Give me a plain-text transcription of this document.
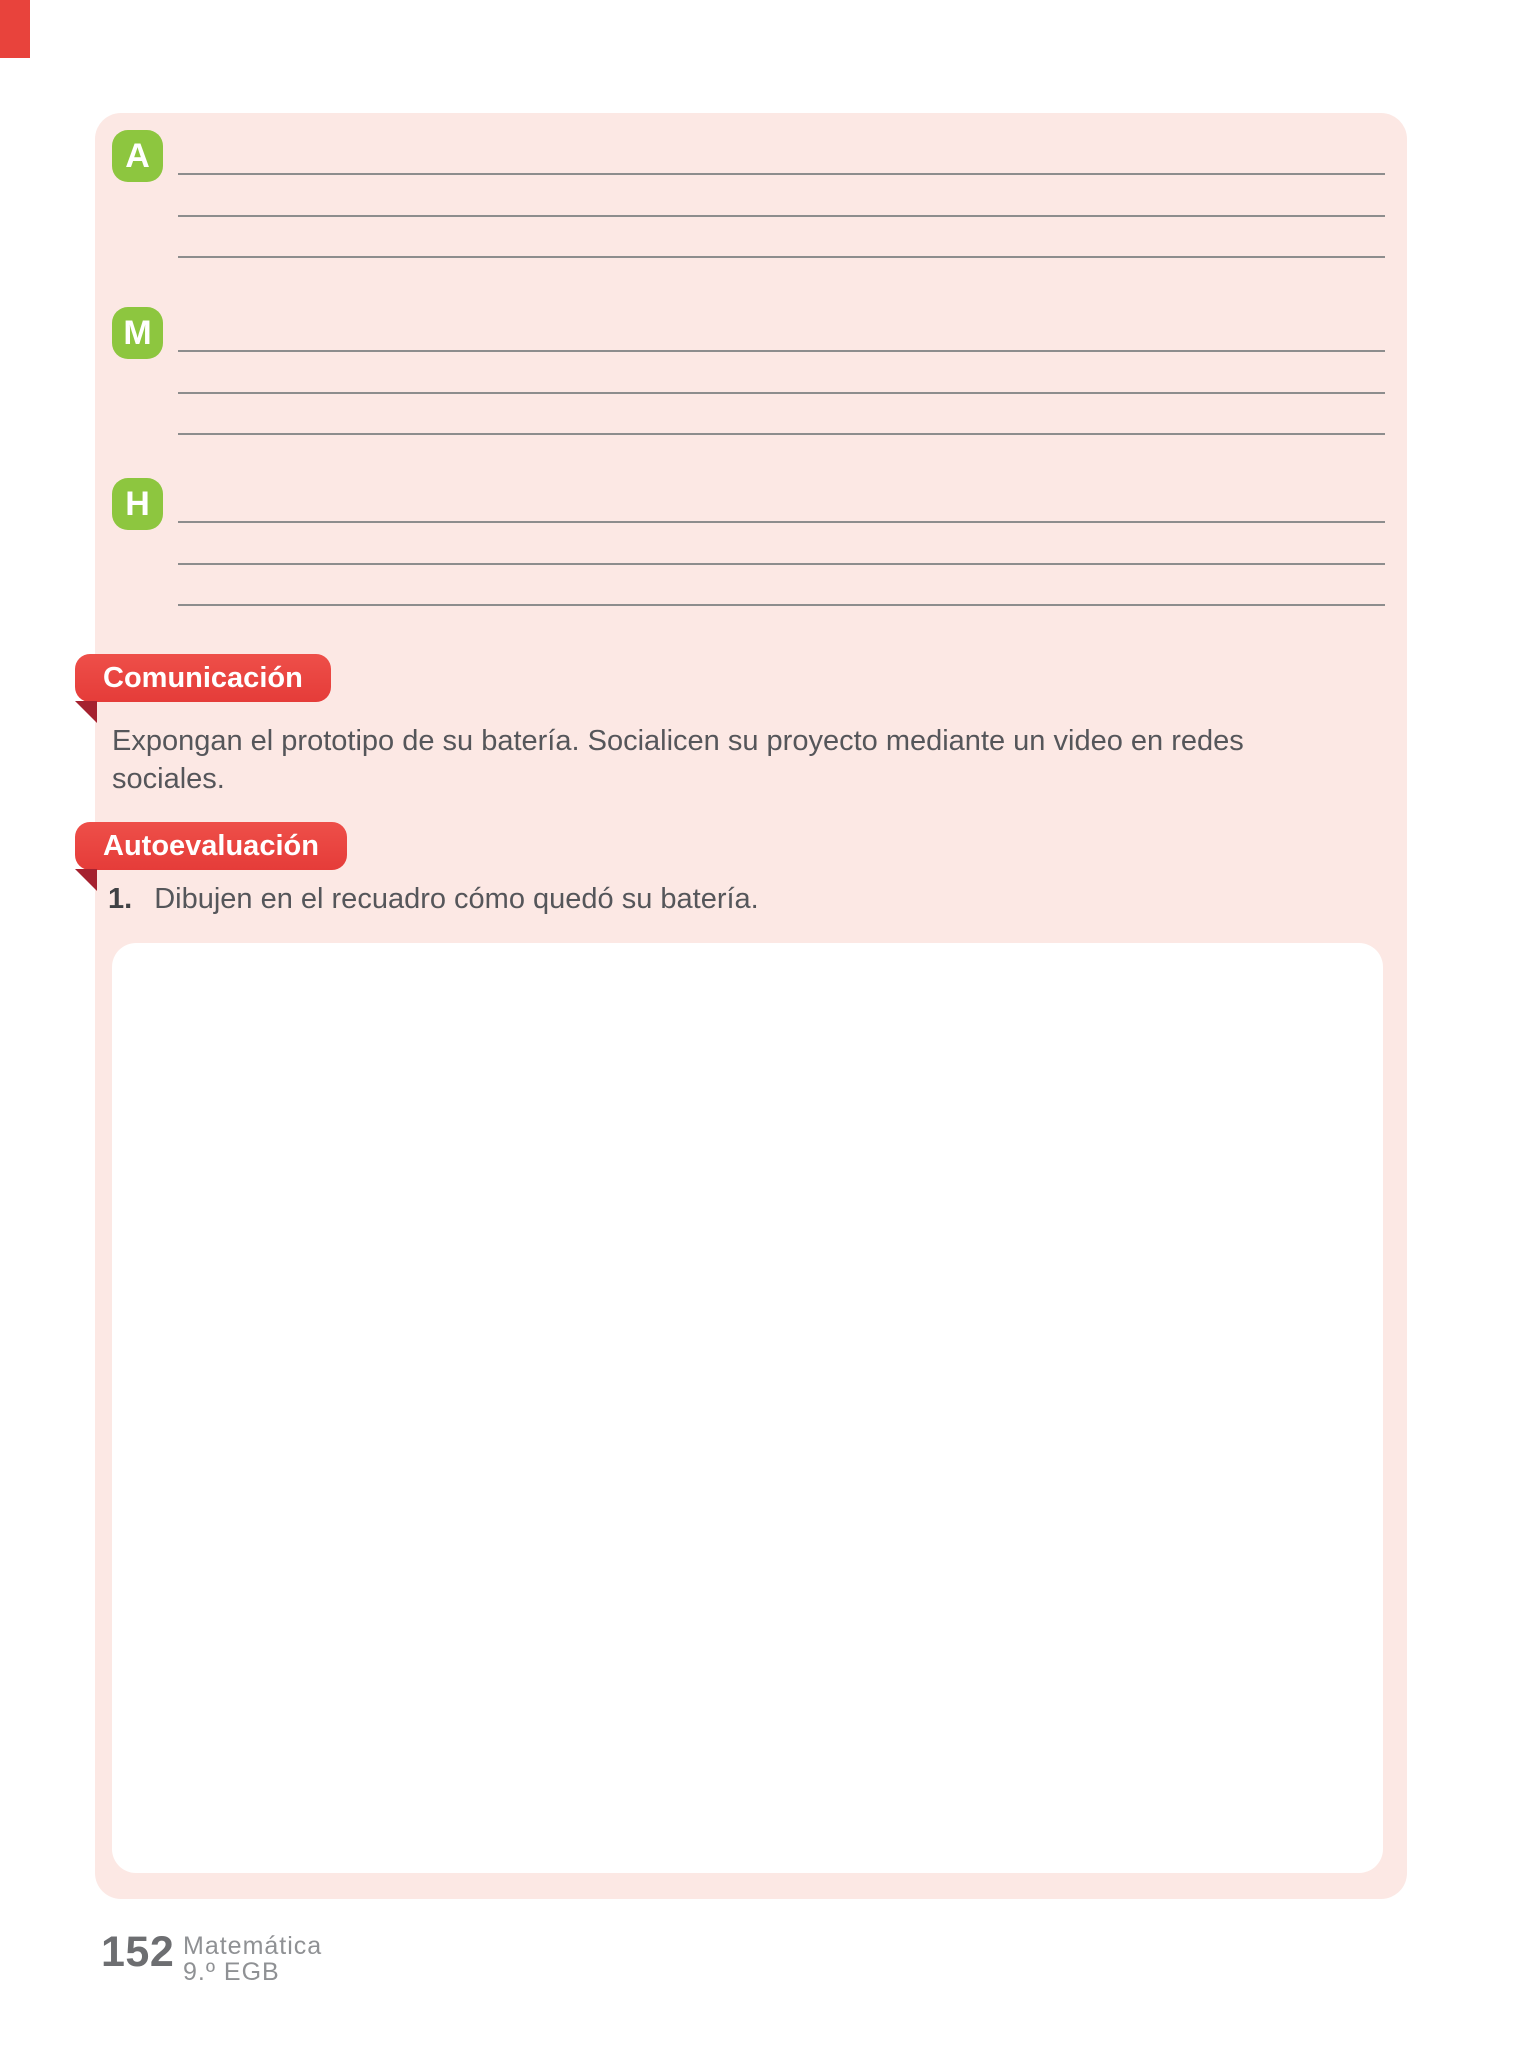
A
M
H
Comunicación
Expongan el prototipo de su batería. Socialicen su proyecto mediante un video en redes sociales.
Autoevaluación
1. Dibujen en el recuadro cómo quedó su batería.
152 Matemática
9.º EGB
